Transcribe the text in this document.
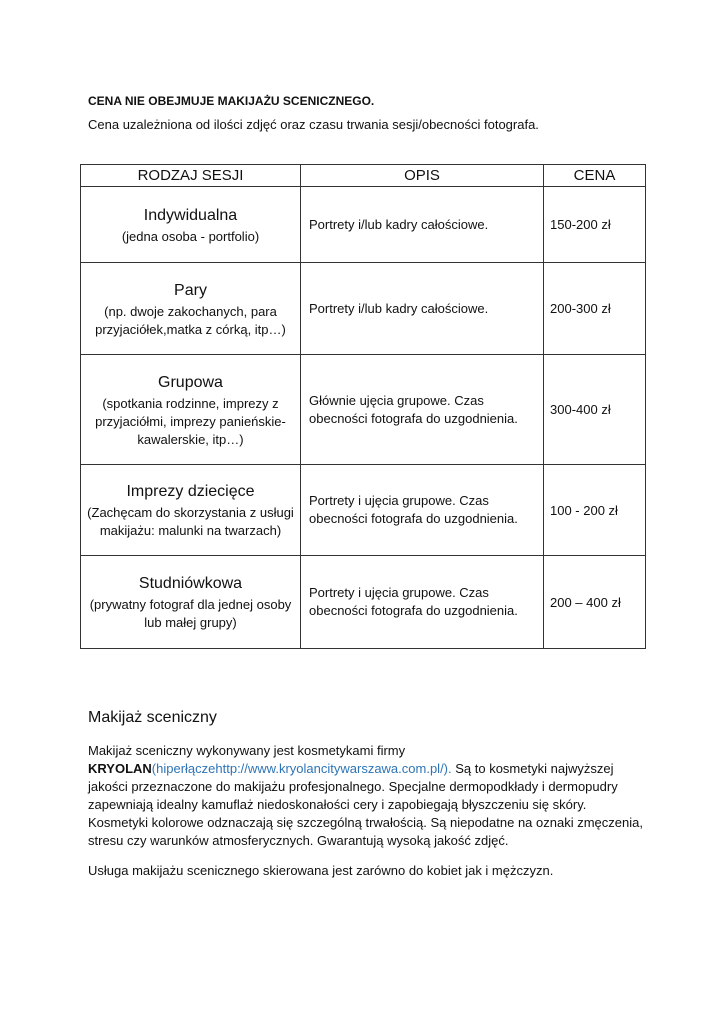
CENA NIE OBEJMUJE MAKIJAŻU SCENICZNEGO.
Cena uzależniona od ilości zdjęć oraz czasu trwania sesji/obecności fotografa.
RODZAJ SESJI	OPIS	CENA

Indywidualna
(jedna osoba - portfolio)	Portrety i/lub kadry całościowe.	150-200 zł

Pary
(np. dwoje zakochanych, para przyjaciółek,matka z córką, itp…)	Portrety i/lub kadry całościowe.	200-300 zł

Grupowa
(spotkania rodzinne, imprezy z przyjaciółmi, imprezy panieńskie-kawalerskie, itp…)	Głównie ujęcia grupowe. Czas obecności fotografa do uzgodnienia.	300-400 zł

Imprezy dziecięce
(Zachęcam do skorzystania z usługi makijażu: malunki na twarzach)	Portrety i ujęcia grupowe. Czas obecności fotografa do uzgodnienia.	100 - 200 zł

Studniówkowa
(prywatny fotograf dla jednej osoby lub małej grupy)	Portrety i ujęcia grupowe. Czas obecności fotografa do uzgodnienia.	200 – 400 zł
Makijaż sceniczny
Makijaż sceniczny wykonywany jest kosmetykami firmy
KRYOLAN(hiperłączehttp://www.kryolancitywarszawa.com.pl/). Są to kosmetyki najwyższej jakości przeznaczone do makijażu profesjonalnego. Specjalne dermopodkłady i dermopudry zapewniają idealny kamuflaż niedoskonałości cery i zapobiegają błyszczeniu się skóry. Kosmetyki kolorowe odznaczają się szczególną trwałością. Są niepodatne na oznaki zmęczenia, stresu czy warunków atmosferycznych. Gwarantują wysoką jakość zdjęć.
Usługa makijażu scenicznego skierowana jest zarówno do kobiet jak i mężczyzn.
